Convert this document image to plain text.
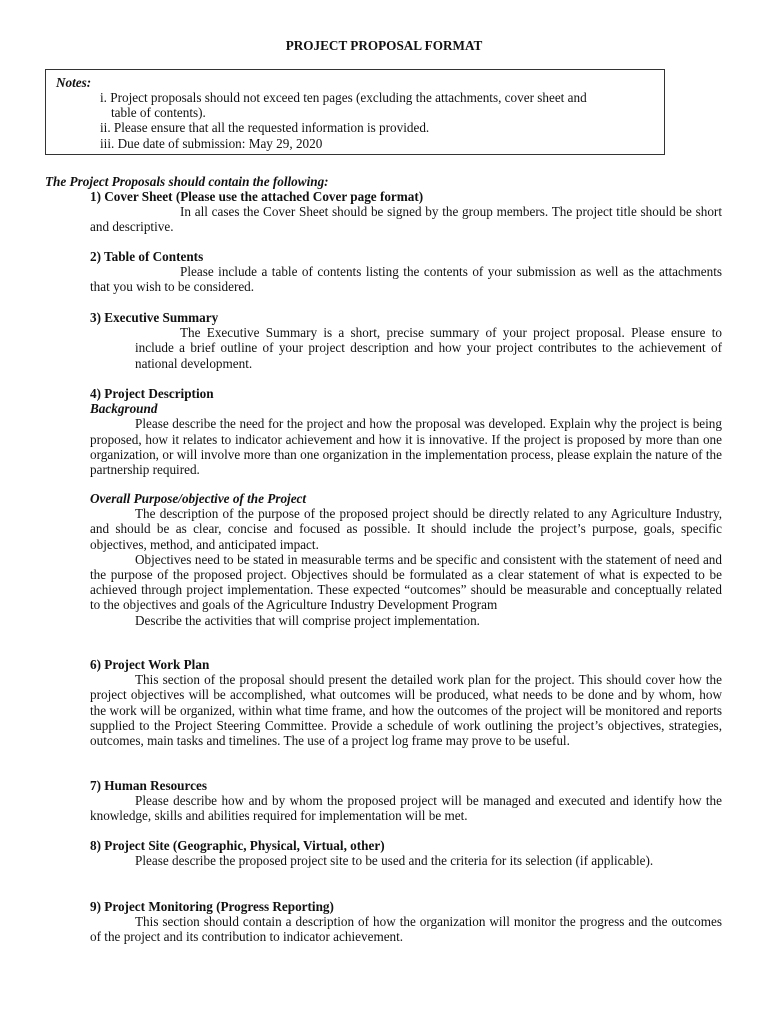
PROJECT PROPOSAL FORMAT
Notes:
i. Project proposals should not exceed ten pages (excluding the attachments, cover sheet and
table of contents).
ii. Please ensure that all the requested information is provided.
iii. Due date of submission: May 29, 2020
The Project Proposals should contain the following:
1) Cover Sheet (Please use the attached Cover page format)

In all cases the Cover Sheet should be signed by the group members. The project title should be short and descriptive.

2) Table of Contents

Please include a table of contents listing the contents of your submission as well as the attachments that you wish to be considered.

3) Executive Summary

The Executive Summary is a short, precise summary of your project proposal. Please ensure to include a brief outline of your project description and how your project contributes to the achievement of national development.

4) Project Description
Background

Please describe the need for the project and how the proposal was developed. Explain why the project is being proposed, how it relates to indicator achievement and how it is innovative. If the project is proposed by more than one organization, or will involve more than one organization in the implementation process, please explain the nature of the partnership required.

Overall Purpose/objective of the Project

The description of the purpose of the proposed project should be directly related to any Agriculture Industry, and should be as clear, concise and focused as possible. It should include the project’s purpose, goals, specific objectives, method, and anticipated impact.

Objectives need to be stated in measurable terms and be specific and consistent with the statement of need and the purpose of the proposed project. Objectives should be formulated as a clear statement of what is expected to be achieved through project implementation. These expected “outcomes” should be measurable and conceptually related to the objectives and goals of the Agriculture Industry Development Program

Describe the activities that will comprise project implementation.

6) Project Work Plan

This section of the proposal should present the detailed work plan for the project. This should cover how the project objectives will be accomplished, what outcomes will be produced, what needs to be done and by whom, how the work will be organized, within what time frame, and how the outcomes of the project will be monitored and reports supplied to the Project Steering Committee. Provide a schedule of work outlining the project’s objectives, strategies, outcomes, main tasks and timelines. The use of a project log frame may prove to be useful.

7) Human Resources

Please describe how and by whom the proposed project will be managed and executed and identify how the knowledge, skills and abilities required for implementation will be met.

8) Project Site (Geographic, Physical, Virtual, other)

Please describe the proposed project site to be used and the criteria for its selection (if applicable).

9) Project Monitoring (Progress Reporting)

This section should contain a description of how the organization will monitor the progress and the outcomes of the project and its contribution to indicator achievement.
